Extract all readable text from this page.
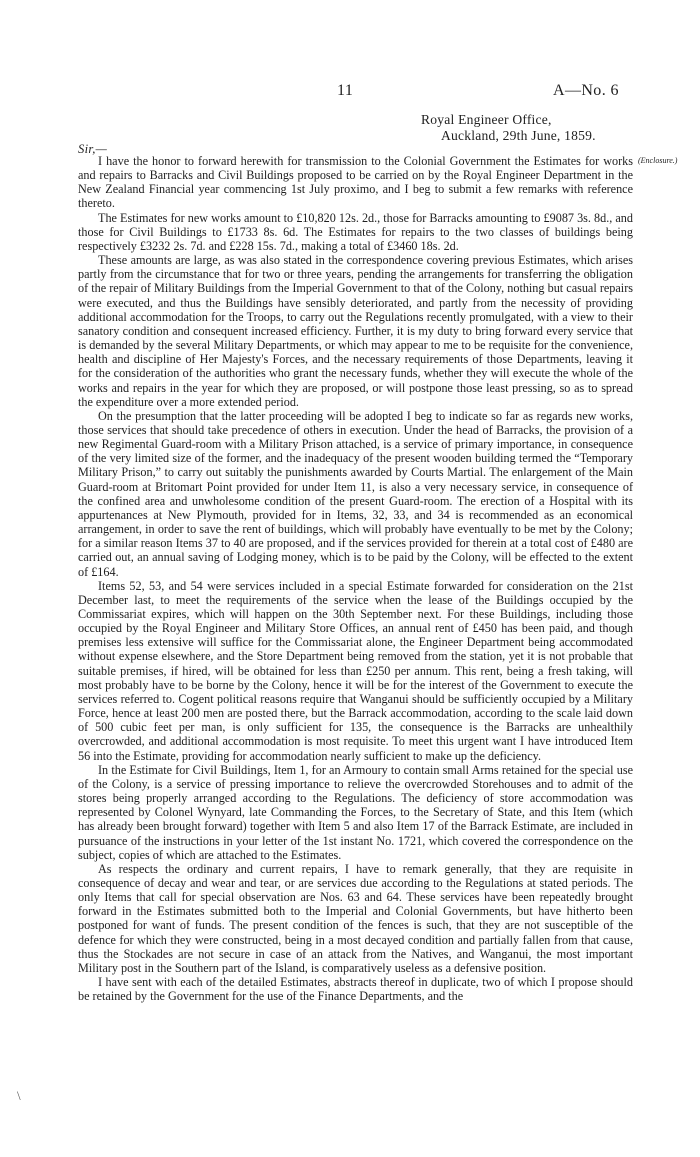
11	A—No. 6
Royal Engineer Office,
Auckland, 29th June, 1859.
Sir,—
(Enclosure.)
\

I have the honor to forward herewith for transmission to the Colonial Government the Estimates for works and repairs to Barracks and Civil Buildings proposed to be carried on by the Royal Engineer Department in the New Zealand Financial year commencing 1st July proximo, and I beg to submit a few remarks with reference thereto.

The Estimates for new works amount to £10,820 12s. 2d., those for Barracks amounting to £9087 3s. 8d., and those for Civil Buildings to £1733 8s. 6d. The Estimates for repairs to the two classes of buildings being respectively £3232 2s. 7d. and £228 15s. 7d., making a total of £3460 18s. 2d.

These amounts are large, as was also stated in the correspondence covering previous Estimates, which arises partly from the circumstance that for two or three years, pending the arrangements for transferring the obligation of the repair of Military Buildings from the Imperial Government to that of the Colony, nothing but casual repairs were executed, and thus the Buildings have sensibly deteriorated, and partly from the necessity of providing additional accommodation for the Troops, to carry out the Regulations recently promulgated, with a view to their sanatory condition and consequent increased efficiency. Further, it is my duty to bring forward every service that is demanded by the several Military Departments, or which may appear to me to be requisite for the convenience, health and discipline of Her Majesty's Forces, and the necessary requirements of those Departments, leaving it for the consideration of the authorities who grant the necessary funds, whether they will execute the whole of the works and repairs in the year for which they are proposed, or will postpone those least pressing, so as to spread the expenditure over a more extended period.

On the presumption that the latter proceeding will be adopted I beg to indicate so far as regards new works, those services that should take precedence of others in execution. Under the head of Barracks, the provision of a new Regimental Guard-room with a Military Prison attached, is a service of primary importance, in consequence of the very limited size of the former, and the inadequacy of the present wooden building termed the “Temporary Military Prison,” to carry out suitably the punishments awarded by Courts Martial. The enlargement of the Main Guard-room at Britomart Point provided for under Item 11, is also a very necessary service, in consequence of the confined area and unwholesome condition of the present Guard-room. The erection of a Hospital with its appurtenances at New Plymouth, provided for in Items, 32, 33, and 34 is recommended as an economical arrangement, in order to save the rent of buildings, which will probably have eventually to be met by the Colony; for a similar reason Items 37 to 40 are proposed, and if the services provided for therein at a total cost of £480 are carried out, an annual saving of Lodging money, which is to be paid by the Colony, will be effected to the extent of £164.

Items 52, 53, and 54 were services included in a special Estimate forwarded for consideration on the 21st December last, to meet the requirements of the service when the lease of the Buildings occupied by the Commissariat expires, which will happen on the 30th September next. For these Buildings, including those occupied by the Royal Engineer and Military Store Offices, an annual rent of £450 has been paid, and though premises less extensive will suffice for the Commissariat alone, the Engineer Department being accommodated without expense elsewhere, and the Store Department being removed from the station, yet it is not probable that suitable premises, if hired, will be obtained for less than £250 per annum. This rent, being a fresh taking, will most probably have to be borne by the Colony, hence it will be for the interest of the Government to execute the services referred to. Cogent political reasons require that Wanganui should be sufficiently occupied by a Military Force, hence at least 200 men are posted there, but the Barrack accommodation, according to the scale laid down of 500 cubic feet per man, is only sufficient for 135, the consequence is the Barracks are unhealthily overcrowded, and additional accommodation is most requisite. To meet this urgent want I have introduced Item 56 into the Estimate, providing for accommodation nearly sufficient to make up the deficiency.

In the Estimate for Civil Buildings, Item 1, for an Armoury to contain small Arms retained for the special use of the Colony, is a service of pressing importance to relieve the overcrowded Storehouses and to admit of the stores being properly arranged according to the Regulations. The deficiency of store accommodation was represented by Colonel Wynyard, late Commanding the Forces, to the Secretary of State, and this Item (which has already been brought forward) together with Item 5 and also Item 17 of the Barrack Estimate, are included in pursuance of the instructions in your letter of the 1st instant No. 1721, which covered the correspondence on the subject, copies of which are attached to the Estimates.

As respects the ordinary and current repairs, I have to remark generally, that they are requisite in consequence of decay and wear and tear, or are services due according to the Regulations at stated periods. The only Items that call for special observation are Nos. 63 and 64. These services have been repeatedly brought forward in the Estimates submitted both to the Imperial and Colonial Governments, but have hitherto been postponed for want of funds. The present condition of the fences is such, that they are not susceptible of the defence for which they were constructed, being in a most decayed condition and partially fallen from that cause, thus the Stockades are not secure in case of an attack from the Natives, and Wanganui, the most important Military post in the Southern part of the Island, is comparatively useless as a defensive position.

I have sent with each of the detailed Estimates, abstracts thereof in duplicate, two of which I propose should be retained by the Government for the use of the Finance Departments, and the
